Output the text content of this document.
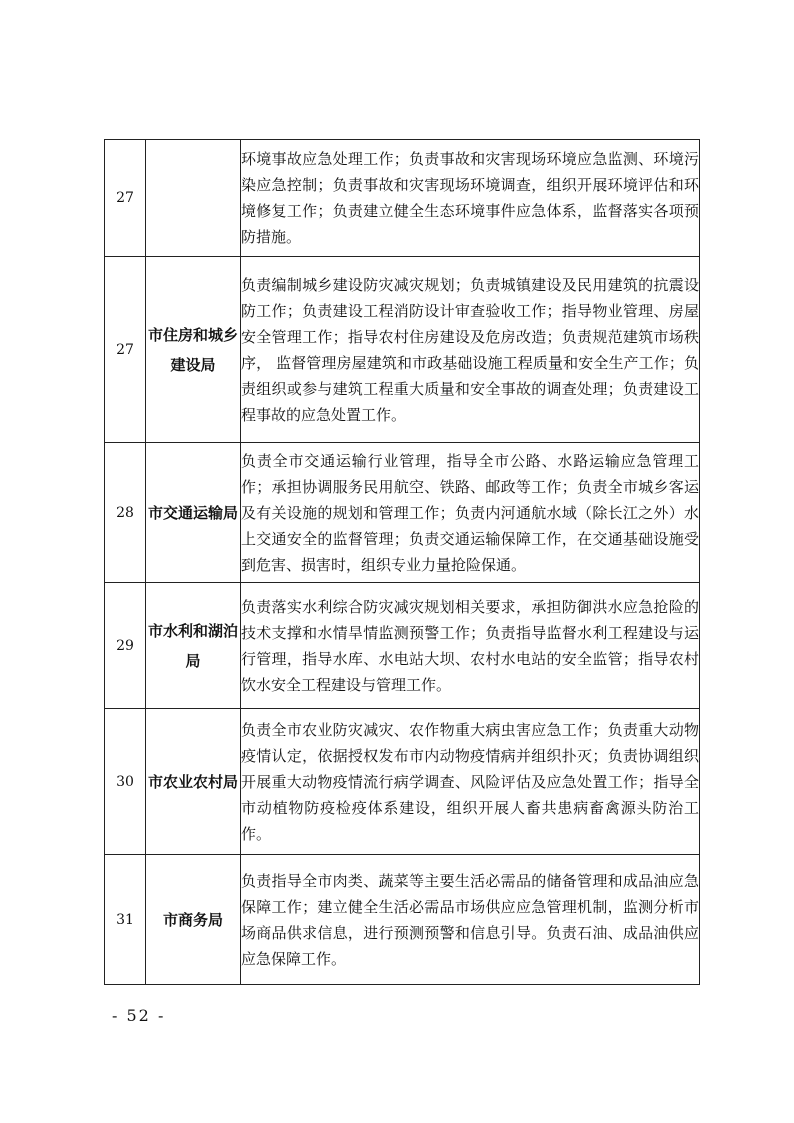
27		环境事故应急处理工作；负责事故和灾害现场环境应急监测、环境污染应急控制；负责事故和灾害现场环境调查，组织开展环境评估和环境修复工作；负责建立健全生态环境事件应急体系，监督落实各项预防措施。
27	市住房和城乡建设局	负责编制城乡建设防灾减灾规划；负责城镇建设及民用建筑的抗震设防工作；负责建设工程消防设计审查验收工作；指导物业管理、房屋安全管理工作；指导农村住房建设及危房改造；负责规范建筑市场秩序， 监督管理房屋建筑和市政基础设施工程质量和安全生产工作；负责组织或参与建筑工程重大质量和安全事故的调查处理；负责建设工程事故的应急处置工作。
28	市交通运输局	负责全市交通运输行业管理，指导全市公路、水路运输应急管理工作；承担协调服务民用航空、铁路、邮政等工作；负责全市城乡客运及有关设施的规划和管理工作；负责内河通航水域（除长江之外）水上交通安全的监督管理；负责交通运输保障工作，在交通基础设施受到危害、损害时，组织专业力量抢险保通。
29	市水利和湖泊局	负责落实水利综合防灾减灾规划相关要求，承担防御洪水应急抢险的技术支撑和水情旱情监测预警工作；负责指导监督水利工程建设与运行管理，指导水库、水电站大坝、农村水电站的安全监管；指导农村饮水安全工程建设与管理工作。
30	市农业农村局	负责全市农业防灾减灾、农作物重大病虫害应急工作；负责重大动物疫情认定，依据授权发布市内动物疫情病并组织扑灭；负责协调组织开展重大动物疫情流行病学调查、风险评估及应急处置工作；指导全市动植物防疫检疫体系建设，组织开展人畜共患病畜禽源头防治工作。
31	市商务局	负责指导全市肉类、蔬菜等主要生活必需品的储备管理和成品油应急保障工作；建立健全生活必需品市场供应应急管理机制，监测分析市场商品供求信息，进行预测预警和信息引导。负责石油、成品油供应应急保障工作。
- 52 -
